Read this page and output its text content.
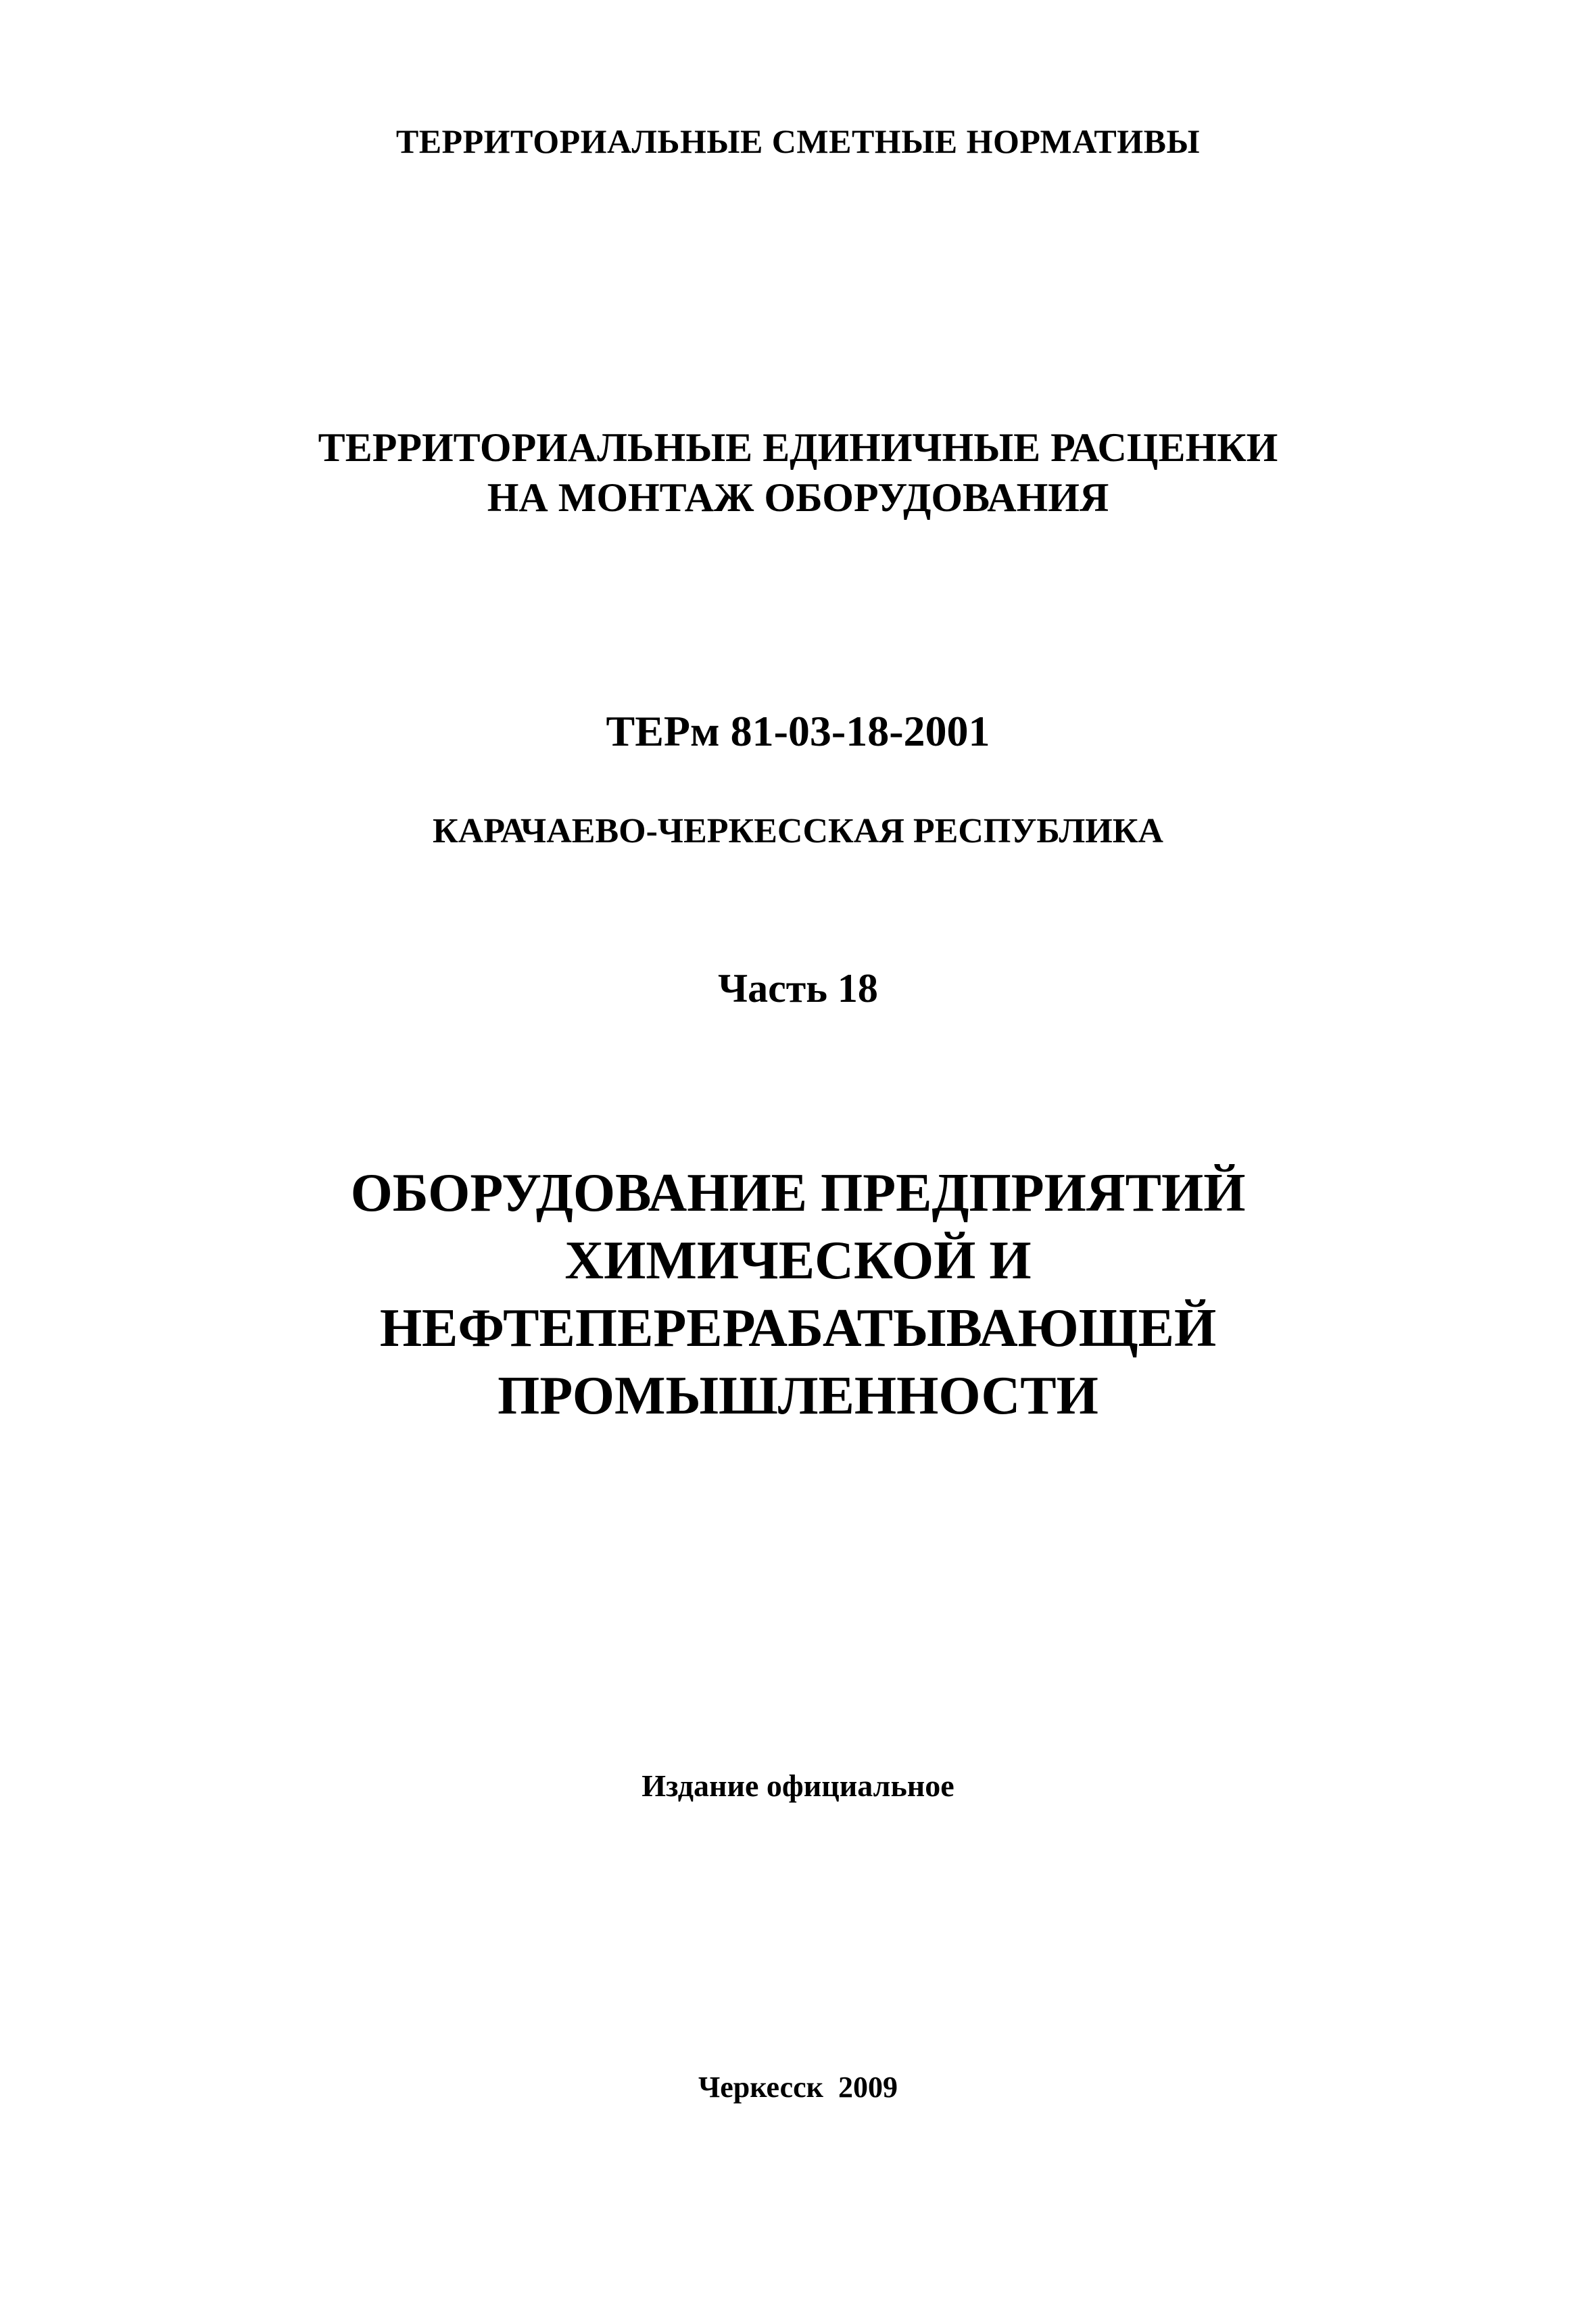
ТЕРРИТОРИАЛЬНЫЕ СМЕТНЫЕ НОРМАТИВЫ

ТЕРРИТОРИАЛЬНЫЕ ЕДИНИЧНЫЕ РАСЦЕНКИ
НА МОНТАЖ ОБОРУДОВАНИЯ

ТЕРм 81-03-18-2001

КАРАЧАЕВО-ЧЕРКЕССКАЯ РЕСПУБЛИКА

Часть 18

ОБОРУДОВАНИЕ ПРЕДПРИЯТИЙ
ХИМИЧЕСКОЙ И
НЕФТЕПЕРЕРАБАТЫВАЮЩЕЙ
ПРОМЫШЛЕННОСТИ

Издание официальное

Черкесск  2009
